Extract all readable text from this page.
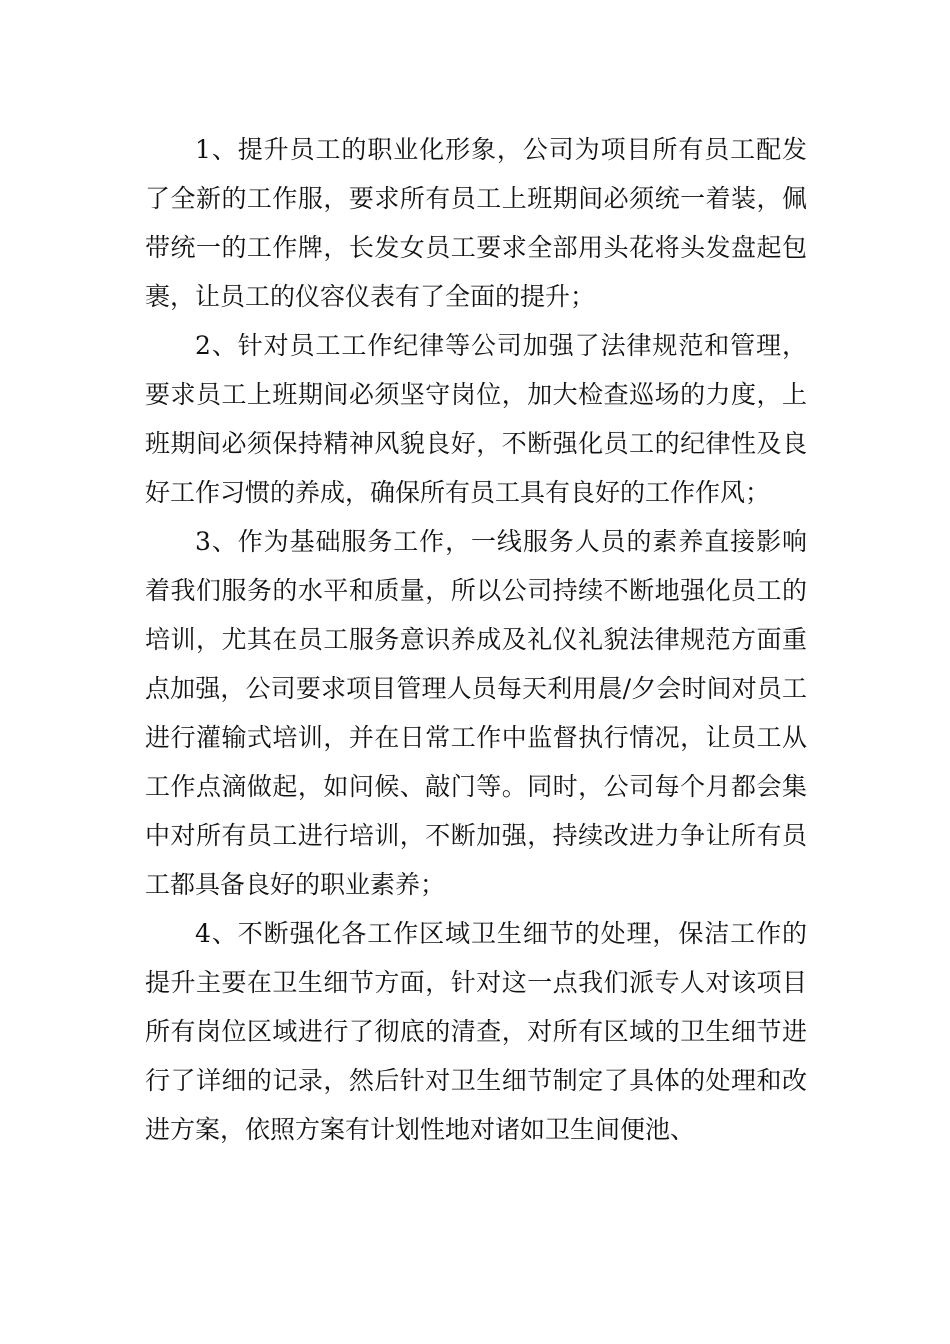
1、提升员工的职业化形象，公司为项目所有员工配发了全新的工作服，要求所有员工上班期间必须统一着装，佩带统一的工作牌，长发女员工要求全部用头花将头发盘起包裹，让员工的仪容仪表有了全面的提升；

2、针对员工工作纪律等公司加强了法律规范和管理，要求员工上班期间必须坚守岗位，加大检查巡场的力度，上班期间必须保持精神风貌良好，不断强化员工的纪律性及良好工作习惯的养成，确保所有员工具有良好的工作作风；

3、作为基础服务工作，一线服务人员的素养直接影响着我们服务的水平和质量，所以公司持续不断地强化员工的培训，尤其在员工服务意识养成及礼仪礼貌法律规范方面重点加强，公司要求项目管理人员每天利用晨/夕会时间对员工进行灌输式培训，并在日常工作中监督执行情况，让员工从工作点滴做起，如问候、敲门等。同时，公司每个月都会集中对所有员工进行培训，不断加强，持续改进力争让所有员工都具备良好的职业素养；

4、不断强化各工作区域卫生细节的处理，保洁工作的提升主要在卫生细节方面，针对这一点我们派专人对该项目所有岗位区域进行了彻底的清查，对所有区域的卫生细节进行了详细的记录，然后针对卫生细节制定了具体的处理和改进方案，依照方案有计划性地对诸如卫生间便池、
